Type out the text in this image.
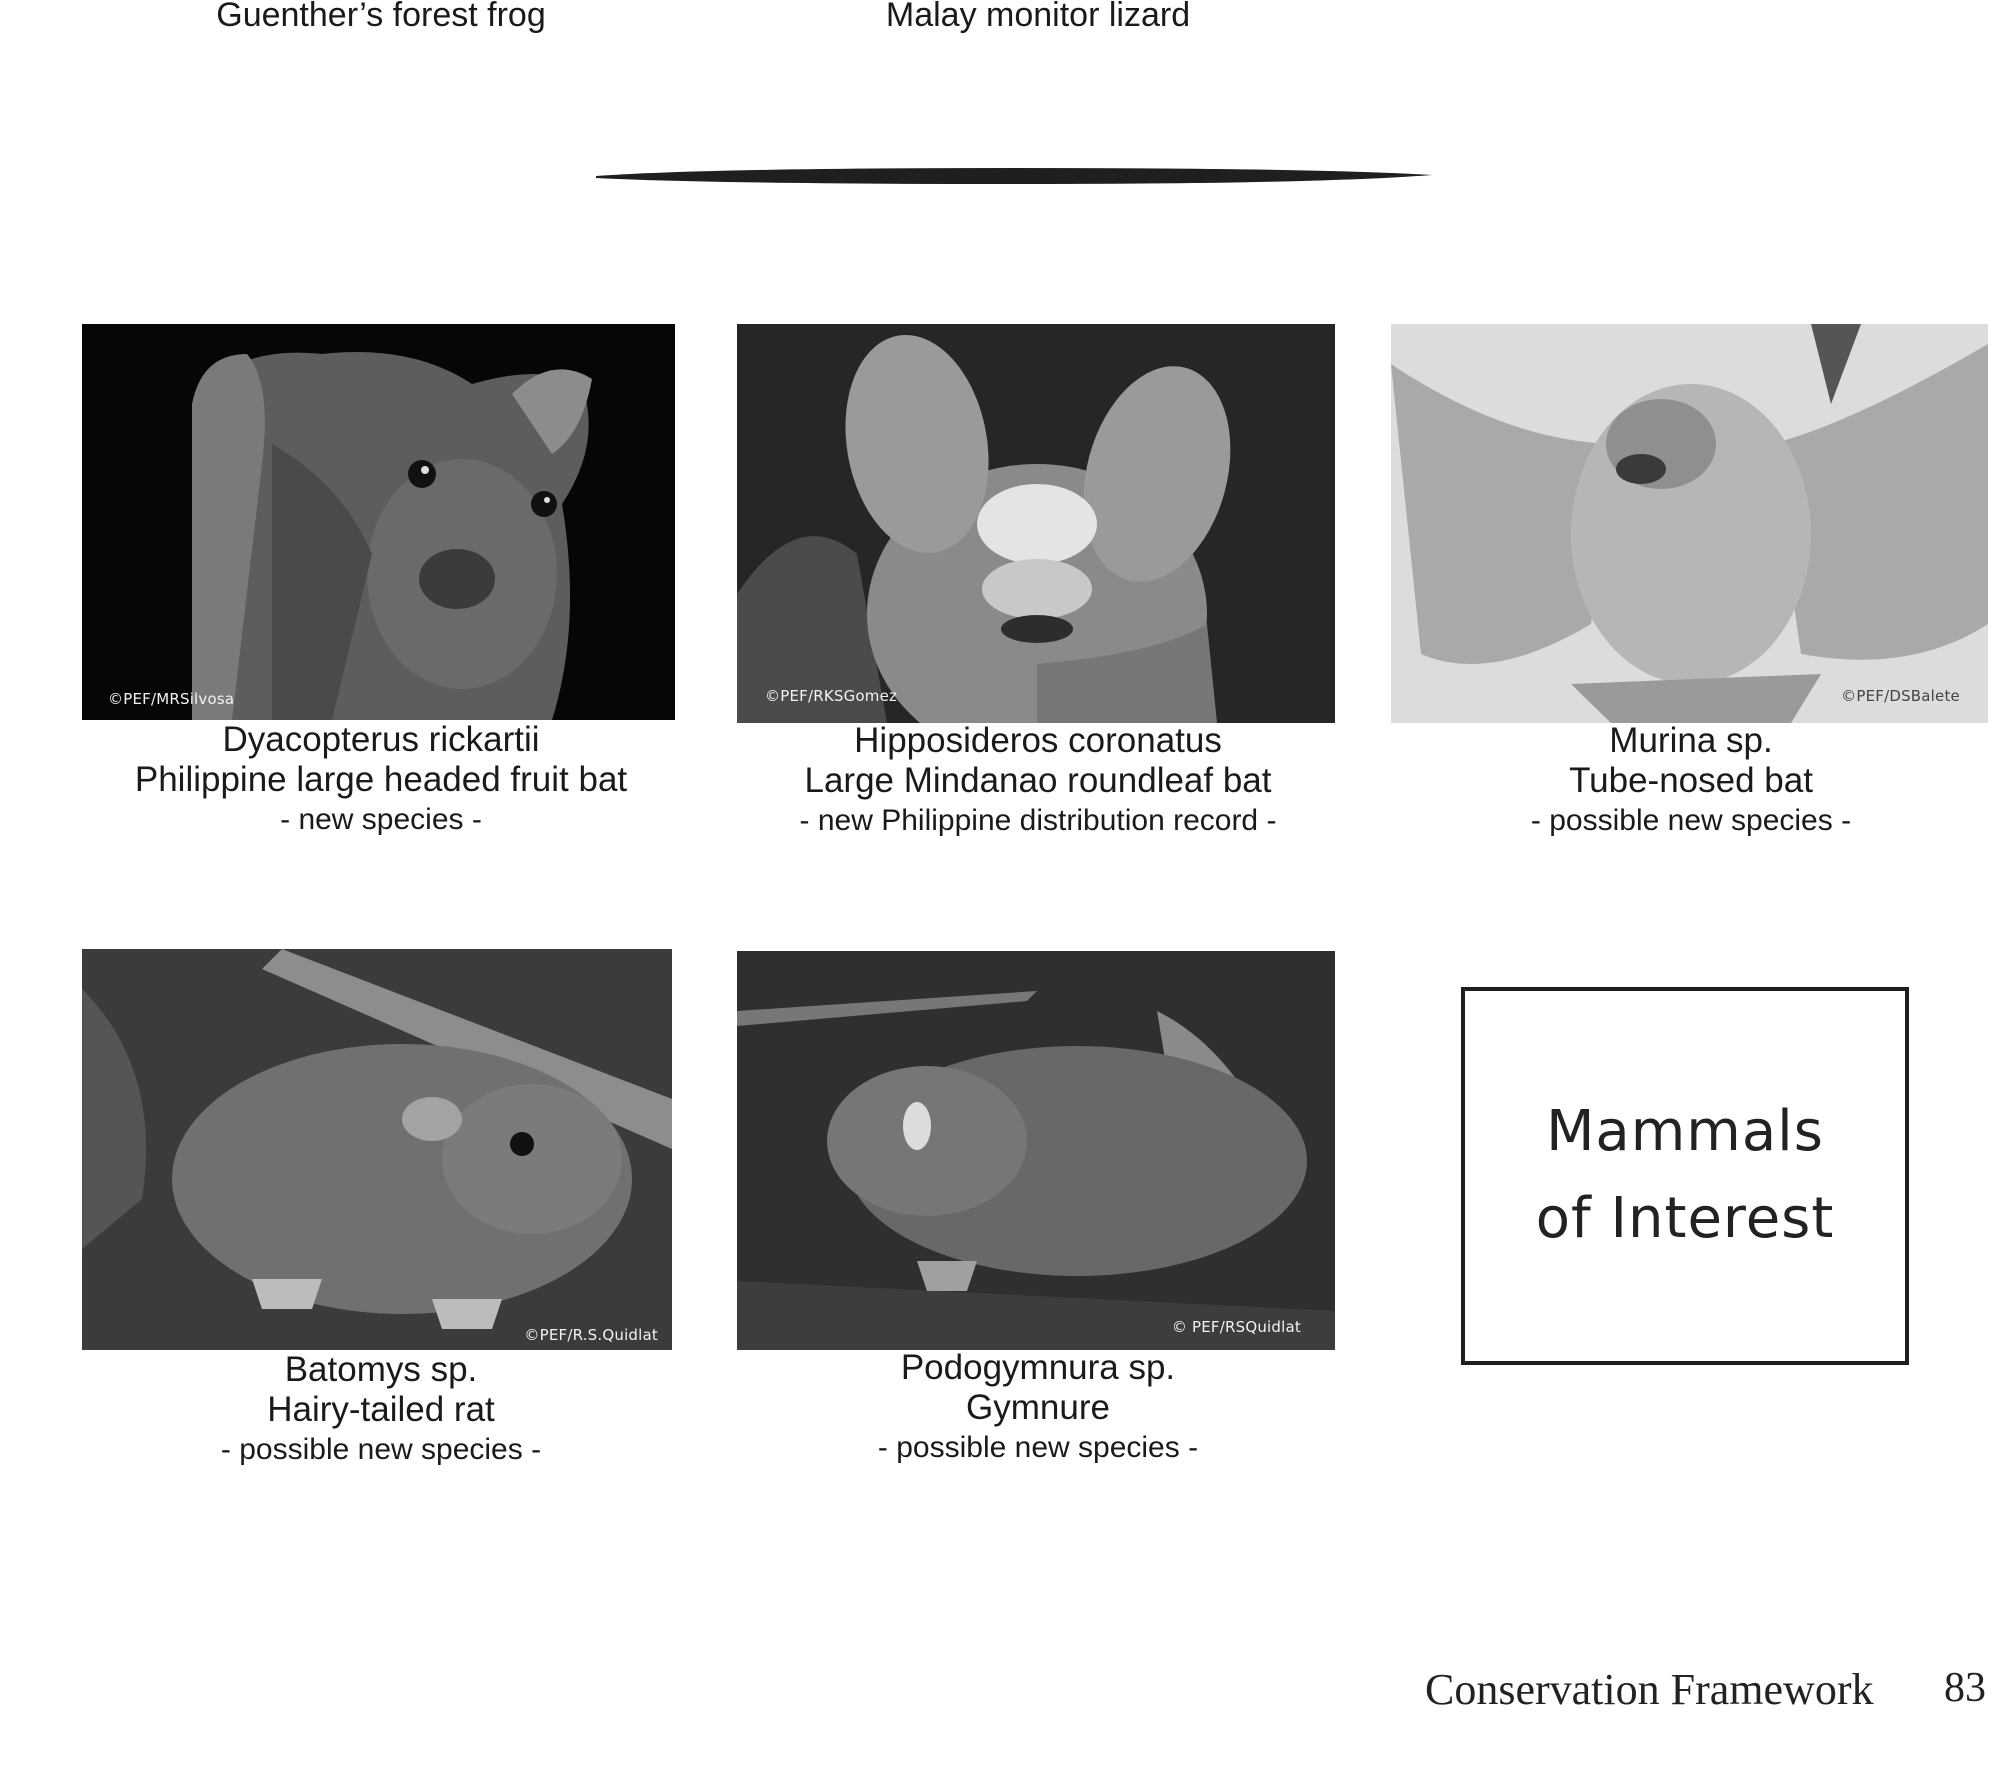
Guenther’s forest frog	Malay monitor lizard
©PEF/MRSilvosa	©PEF/RKSGomez	©PEF/DSBalete
Dyacopterus rickartii
Philippine large headed fruit bat
- new species -
Hipposideros coronatus
Large Mindanao roundleaf bat
- new Philippine distribution record -
Murina sp.
Tube-nosed bat
- possible new species -
©PEF/R.S.Quidlat	© PEF/RSQuidlat
Batomys sp.
Hairy-tailed rat
- possible new species -
Podogymnura sp.
Gymnure
- possible new species -
Mammals
of Interest
Conservation Framework 83
